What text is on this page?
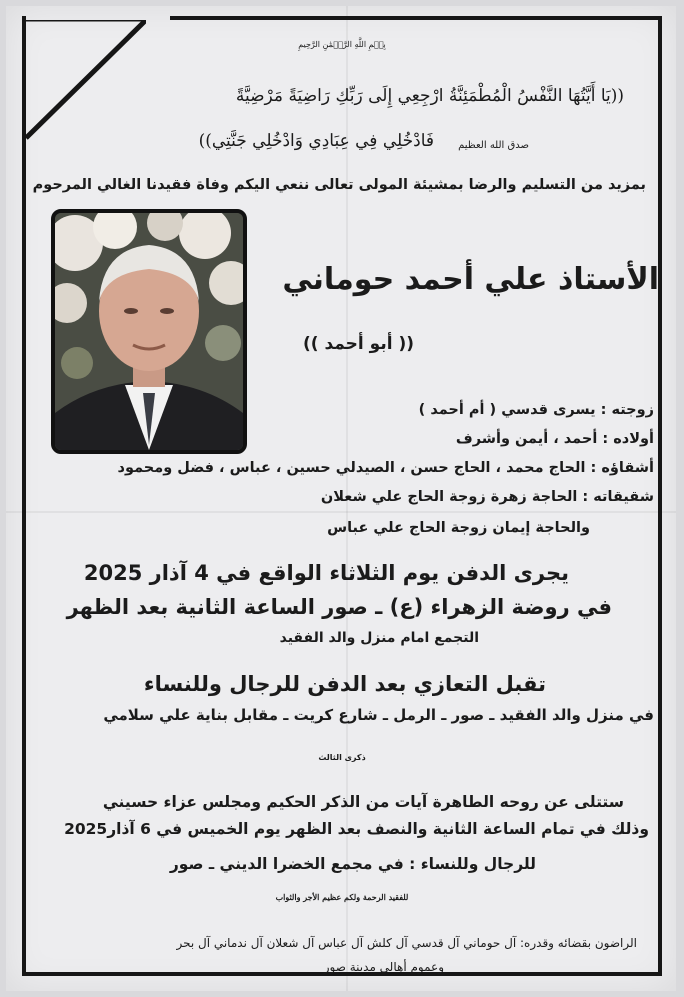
بِسۡمِ اللَّهِ الرَّحۡمَٰنِ الرَّحِيمِ
((يَا أَيَّتُهَا النَّفْسُ الْمُطْمَئِنَّةُ ارْجِعِي إِلَى رَبِّكِ رَاضِيَةً مَرْضِيَّةً
فَادْخُلِي فِي عِبَادِي وَادْخُلِي جَنَّتِي)) صدق الله العظيم
بمزيد من التسليم والرضا بمشيئة المولى تعالى ننعي اليكم وفاة فقيدنا الغالي المرحوم
الأستاذ علي أحمد حوماني
(( أبو أحمد ))
زوجته : يسرى قدسي ( أم أحمد )
أولاده : أحمد ، أيمن وأشرف
أشقاؤه : الحاج محمد ، الحاج حسن ، الصيدلي حسين ، عباس ، فضل ومحمود
شقيقاته : الحاجة زهرة زوجة الحاج علي شعلان
والحاجة إيمان زوجة الحاج علي عباس
يجرى الدفن يوم الثلاثاء الواقع في 4 آذار 2025
في روضة الزهراء (ع) ـ صور الساعة الثانية بعد الظهر
التجمع امام منزل والد الفقيد
تقبل التعازي بعد الدفن للرجال وللنساء
في منزل والد الفقيد ـ صور ـ الرمل ـ شارع كريت ـ مقابل بناية علي سلامي
ذكرى الثالث
ستتلى عن روحه الطاهرة آيات من الذكر الحكيم ومجلس عزاء حسيني
وذلك في تمام الساعة الثانية والنصف بعد الظهر يوم الخميس في 6 آذار2025
للرجال وللنساء : في مجمع الخضرا الديني ـ صور
للفقيد الرحمة ولكم عظيم الأجر والثواب
الراضون بقضائه وقدره: آل حوماني آل قدسي آل كلش آل عباس آل شعلان آل ندماني آل بحر
وعموم أهالي مدينة صور
